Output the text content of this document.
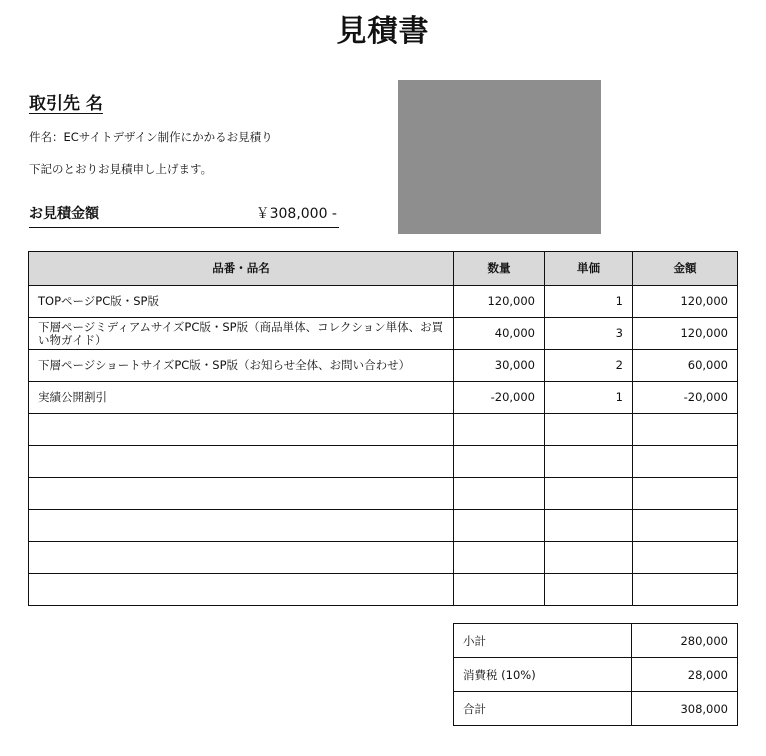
見積書
取引先 名
件名：ECサイトデザイン制作にかかるお見積り
下記のとおりお見積申し上げます。
お見積金額	￥308,000 -
品番・品名	数量	単価	金額
TOPページPC版・SP版	120,000	1	120,000
下層ページミディアムサイズPC版・SP版（商品単体、コレクション単体、お買い物ガイド）	40,000	3	120,000
下層ページショートサイズPC版・SP版（お知らせ全体、お問い合わせ）	30,000	2	60,000
実績公開割引	-20,000	1	-20,000

小計	280,000
消費税 (10%)	28,000
合計	308,000
